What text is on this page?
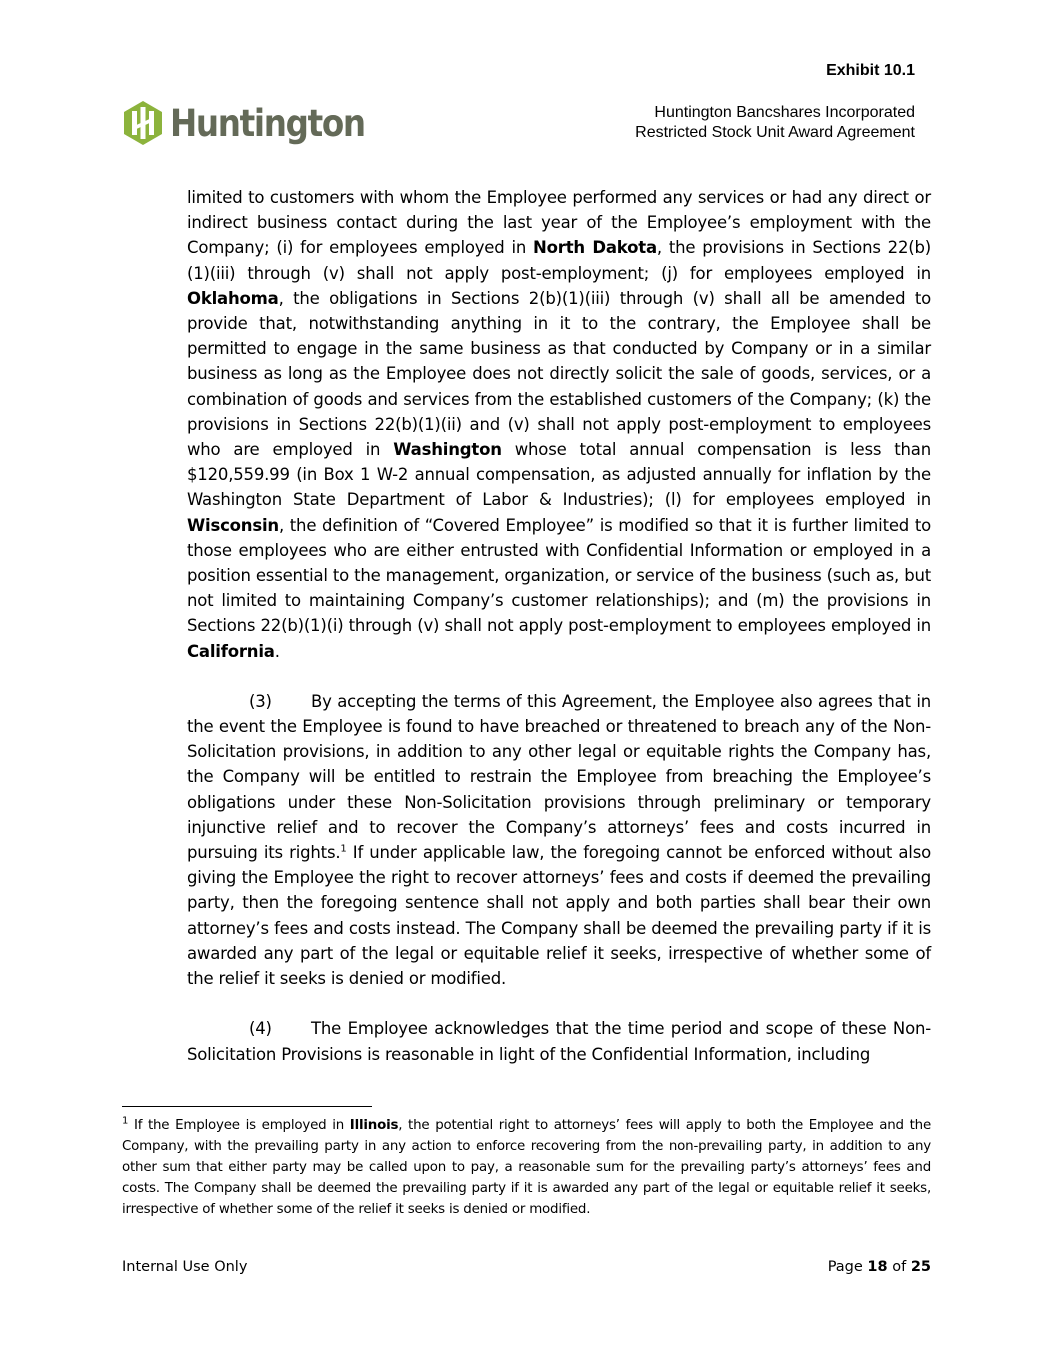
Exhibit 10.1
Huntington	Huntington Bancshares Incorporated
Restricted Stock Unit Award Agreement

limited to customers with whom the Employee performed any services or had any direct or indirect business contact during the last year of the Employee’s employment with the Company; (i) for employees employed in North Dakota, the provisions in Sections 22(b)(1)(iii) through (v) shall not apply post-employment; (j) for employees employed in Oklahoma, the obligations in Sections 2(b)(1)(iii) through (v) shall all be amended to provide that, notwithstanding anything in it to the contrary, the Employee shall be permitted to engage in the same business as that conducted by Company or in a similar business as long as the Employee does not directly solicit the sale of goods, services, or a combination of goods and services from the established customers of the Company; (k) the provisions in Sections 22(b)(1)(ii) and (v) shall not apply post-employment to employees who are employed in Washington whose total annual compensation is less than $120,559.99 (in Box 1 W-2 annual compensation, as adjusted annually for inflation by the Washington State Department of Labor & Industries); (l) for employees employed in Wisconsin, the definition of “Covered Employee” is modified so that it is further limited to those employees who are either entrusted with Confidential Information or employed in a position essential to the management, organization, or service of the business (such as, but not limited to maintaining Company’s customer relationships); and (m) the provisions in Sections 22(b)(1)(i) through (v) shall not apply post-employment to employees employed in California.

(3) By accepting the terms of this Agreement, the Employee also agrees that in the event the Employee is found to have breached or threatened to breach any of the Non-Solicitation provisions, in addition to any other legal or equitable rights the Company has, the Company will be entitled to restrain the Employee from breaching the Employee’s obligations under these Non-Solicitation provisions through preliminary or temporary injunctive relief and to recover the Company’s attorneys’ fees and costs incurred in pursuing its rights.$^1$ If under applicable law, the foregoing cannot be enforced without also giving the Employee the right to recover attorneys’ fees and costs if deemed the prevailing party, then the foregoing sentence shall not apply and both parties shall bear their own attorney’s fees and costs instead. The Company shall be deemed the prevailing party if it is awarded any part of the legal or equitable relief it seeks, irrespective of whether some of the relief it seeks is denied or modified.

(4) The Employee acknowledges that the time period and scope of these Non-Solicitation Provisions is reasonable in light of the Confidential Information, including

$^1$ If the Employee is employed in Illinois, the potential right to attorneys’ fees will apply to both the Employee and the Company, with the prevailing party in any action to enforce recovering from the non-prevailing party, in addition to any other sum that either party may be called upon to pay, a reasonable sum for the prevailing party’s attorneys’ fees and costs. The Company shall be deemed the prevailing party if it is awarded any part of the legal or equitable relief it seeks, irrespective of whether some of the relief it seeks is denied or modified.
Internal Use Only	Page 18 of 25
